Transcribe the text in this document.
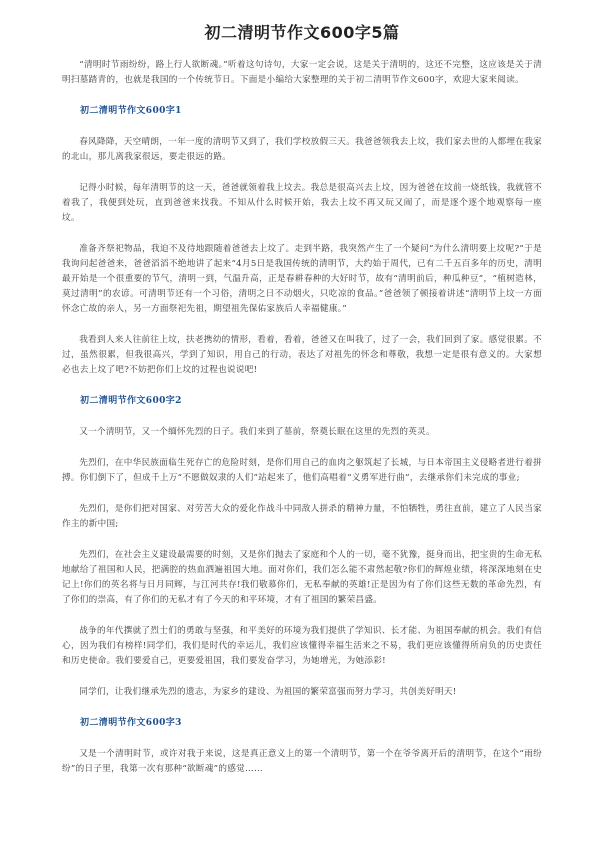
初二清明节作文600字5篇

“清明时节雨纷纷，路上行人欲断魂。”听着这句诗句，大家一定会说，这是关于清明的，这还不完整，这应该是关于清明扫墓踏青的，也就是我国的一个传统节日。下面是小编给大家整理的关于初二清明节作文600字，欢迎大家来阅读。

初二清明节作文600字1

春风降降，天空晴朗，一年一度的清明节又到了，我们学校放假三天。我爸爸领我去上坟，我们家去世的人都埋在我家的北山，那儿离我家很远，要走很远的路。

记得小时候，每年清明节的这一天，爸爸就领着我上坟去。我总是很高兴去上坟，因为爸爸在坟前一烧纸钱，我就管不着我了，我便到处玩，直到爸爸来找我。不知从什么时候开始，我去上坟不再又玩又闹了，而是逐个逐个地观察每一座坟。

准备齐祭祀物品，我迫不及待地跟随着爸爸去上坟了。走到半路，我突然产生了一个疑问“为什么清明要上坟呢?”于是我询问起爸爸来，爸爸滔滔不绝地讲了起来“4月5日是我国传统的清明节，大约始于周代，已有二千五百多年的历史，清明最开始是一个很重要的节气，清明一到，气温升高，正是春耕春种的大好时节，故有“清明前后，种瓜种豆”，“植树造林，莫过清明”的农谚。可清明节还有一个习俗，清明之日不动烟火，只吃凉的食品。”爸爸领了顿接着讲述“清明节上坟一方面怀念亡故的亲人，另一方面祭祀先祖，期望祖先保佑家族后人幸福健康。”

我看到人来人往前往上坟，扶老携幼的情形，看着，看着，爸爸又在叫我了，过了一会，我们回到了家。感觉很累。不过，虽然很累，但我很高兴，学到了知识，用自己的行动，表达了对祖先的怀念和尊敬，我想一定是很有意义的。大家想必也去上坟了吧?不妨把你们上坟的过程也说说吧!

初二清明节作文600字2

又一个清明节，又一个缅怀先烈的日子。我们来到了墓前，祭奠长眠在这里的先烈的英灵。

先烈们，在中华民族面临生死存亡的危险时刻，是你们用自己的血肉之躯筑起了长城，与日本帝国主义侵略者进行着拼搏。你们倒下了，但成千上万“不愿做奴隶的人们”站起来了，他们高唱着“义勇军进行曲”，去继承你们未完成的事业;

先烈们，是你们把对国家、对劳苦大众的爱化作战斗中同敌人拼杀的精神力量，不怕牺牲，勇往直前，建立了人民当家作主的新中国;

先烈们，在社会主义建设最需要的时刻，又是你们抛去了家庭和个人的一切，毫不犹豫，挺身而出，把宝贵的生命无私地献给了祖国和人民，把满腔的热血洒遍祖国大地。面对你们，我们怎么能不肃然起敬?你们的辉煌业绩，将深深地刻在史记上!你们的英名将与日月同辉，与江河共存!我们敬慕你们，无私奉献的英雄!正是因为有了你们这些无数的革命先烈，有了你们的崇高，有了你们的无私才有了今天的和平环境，才有了祖国的繁荣昌盛。

战争的年代撰就了烈士们的勇敢与坚强，和平美好的环境为我们提供了学知识、长才能、为祖国奉献的机会。我们有信心，因为我们有榜样!同学们，我们是时代的幸运儿，我们应该懂得幸福生活来之不易，我们更应该懂得所肩负的历史责任和历史使命。我们要爱自己，更要爱祖国，我们要发奋学习，为她增光，为她添彩!

同学们，让我们继承先烈的遗志，为家乡的建设、为祖国的繁荣富强而努力学习，共创美好明天!

初二清明节作文600字3

又是一个清明时节，或许对我于来说，这是真正意义上的第一个清明节，第一个在爷爷离开后的清明节，在这个“雨纷纷”的日子里，我第一次有那种“欲断魂”的感觉……
